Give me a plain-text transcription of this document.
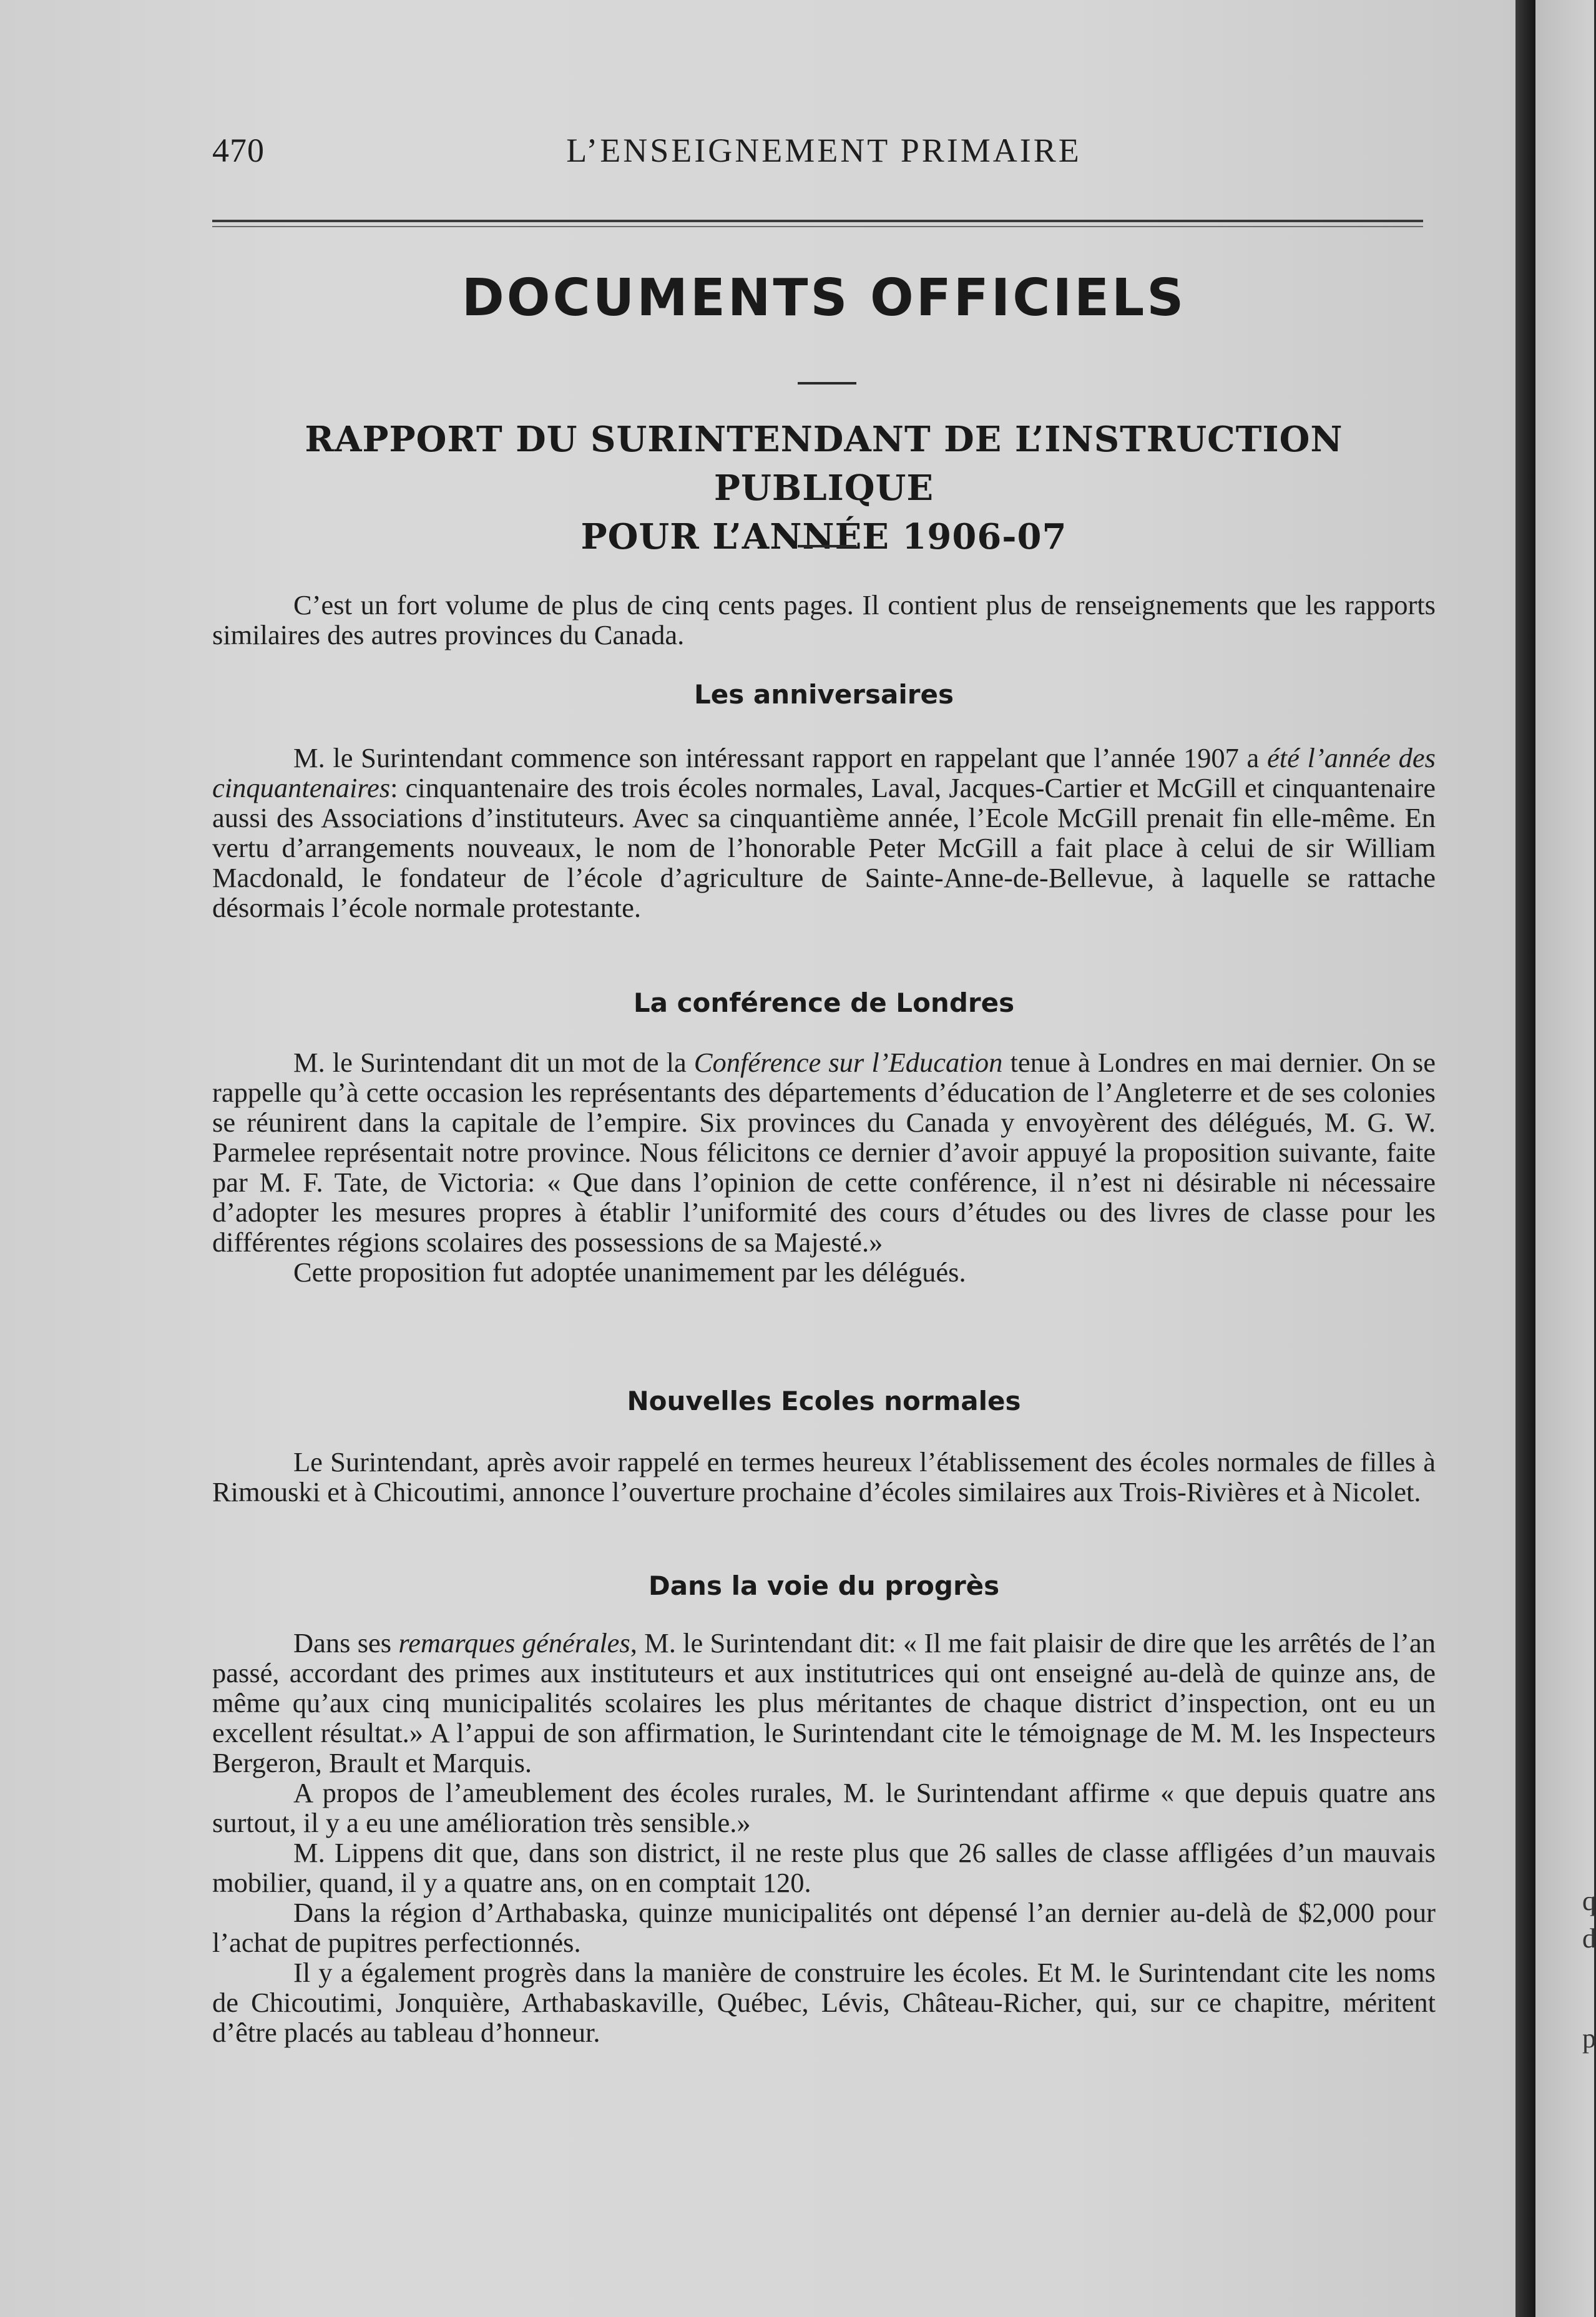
470	L’ENSEIGNEMENT PRIMAIRE
DOCUMENTS OFFICIELS
RAPPORT DU SURINTENDANT DE L’INSTRUCTION PUBLIQUE
POUR L’ANNÉE 1906-07

C’est un fort volume de plus de cinq cents pages. Il contient plus de renseignements que les rapports similaires des autres provinces du Canada.

Les anniversaires

M. le Surintendant commence son intéressant rapport en rappelant que l’année 1907 a été l’année des cinquantenaires: cinquantenaire des trois écoles normales, Laval, Jacques-Cartier et McGill et cinquantenaire aussi des Associations d’instituteurs. Avec sa cinquantième année, l’Ecole McGill prenait fin elle-même. En vertu d’arrangements nouveaux, le nom de l’honorable Peter McGill a fait place à celui de sir William Macdonald, le fondateur de l’école d’agriculture de Sainte-Anne-de-Bellevue, à laquelle se rattache désormais l’école normale protestante.

La conférence de Londres

M. le Surintendant dit un mot de la Conférence sur l’Education tenue à Londres en mai dernier. On se rappelle qu’à cette occasion les représentants des départements d’éducation de l’Angleterre et de ses colonies se réunirent dans la capitale de l’empire. Six provinces du Canada y envoyèrent des délégués, M. G. W. Parmelee représentait notre province. Nous félicitons ce dernier d’avoir appuyé la proposition suivante, faite par M. F. Tate, de Victoria: « Que dans l’opinion de cette conférence, il n’est ni désirable ni nécessaire d’adopter les mesures propres à établir l’uniformité des cours d’études ou des livres de classe pour les différentes régions scolaires des possessions de sa Majesté.»

Cette proposition fut adoptée unanimement par les délégués.

Nouvelles Ecoles normales

Le Surintendant, après avoir rappelé en termes heureux l’établissement des écoles normales de filles à Rimouski et à Chicoutimi, annonce l’ouverture prochaine d’écoles similaires aux Trois-Rivières et à Nicolet.

Dans la voie du progrès

Dans ses remarques générales, M. le Surintendant dit: « Il me fait plaisir de dire que les arrêtés de l’an passé, accordant des primes aux instituteurs et aux institutrices qui ont enseigné au-delà de quinze ans, de même qu’aux cinq municipalités scolaires les plus méritantes de chaque district d’inspection, ont eu un excellent résultat.» A l’appui de son affirmation, le Surintendant cite le témoignage de M. M. les Inspecteurs Bergeron, Brault et Marquis.

A propos de l’ameublement des écoles rurales, M. le Surintendant affirme « que depuis quatre ans surtout, il y a eu une amélioration très sensible.»

M. Lippens dit que, dans son district, il ne reste plus que 26 salles de classe affligées d’un mauvais mobilier, quand, il y a quatre ans, on en comptait 120.

Dans la région d’Arthabaska, quinze municipalités ont dépensé l’an dernier au-delà de $2,000 pour l’achat de pupitres perfectionnés.

Il y a également progrès dans la manière de construire les écoles. Et M. le Surintendant cite les noms de Chicoutimi, Jonquière, Arthabaskaville, Québec, Lévis, Château-Richer, qui, sur ce chapitre, méritent d’être placés au tableau d’honneur.

q
d
p
